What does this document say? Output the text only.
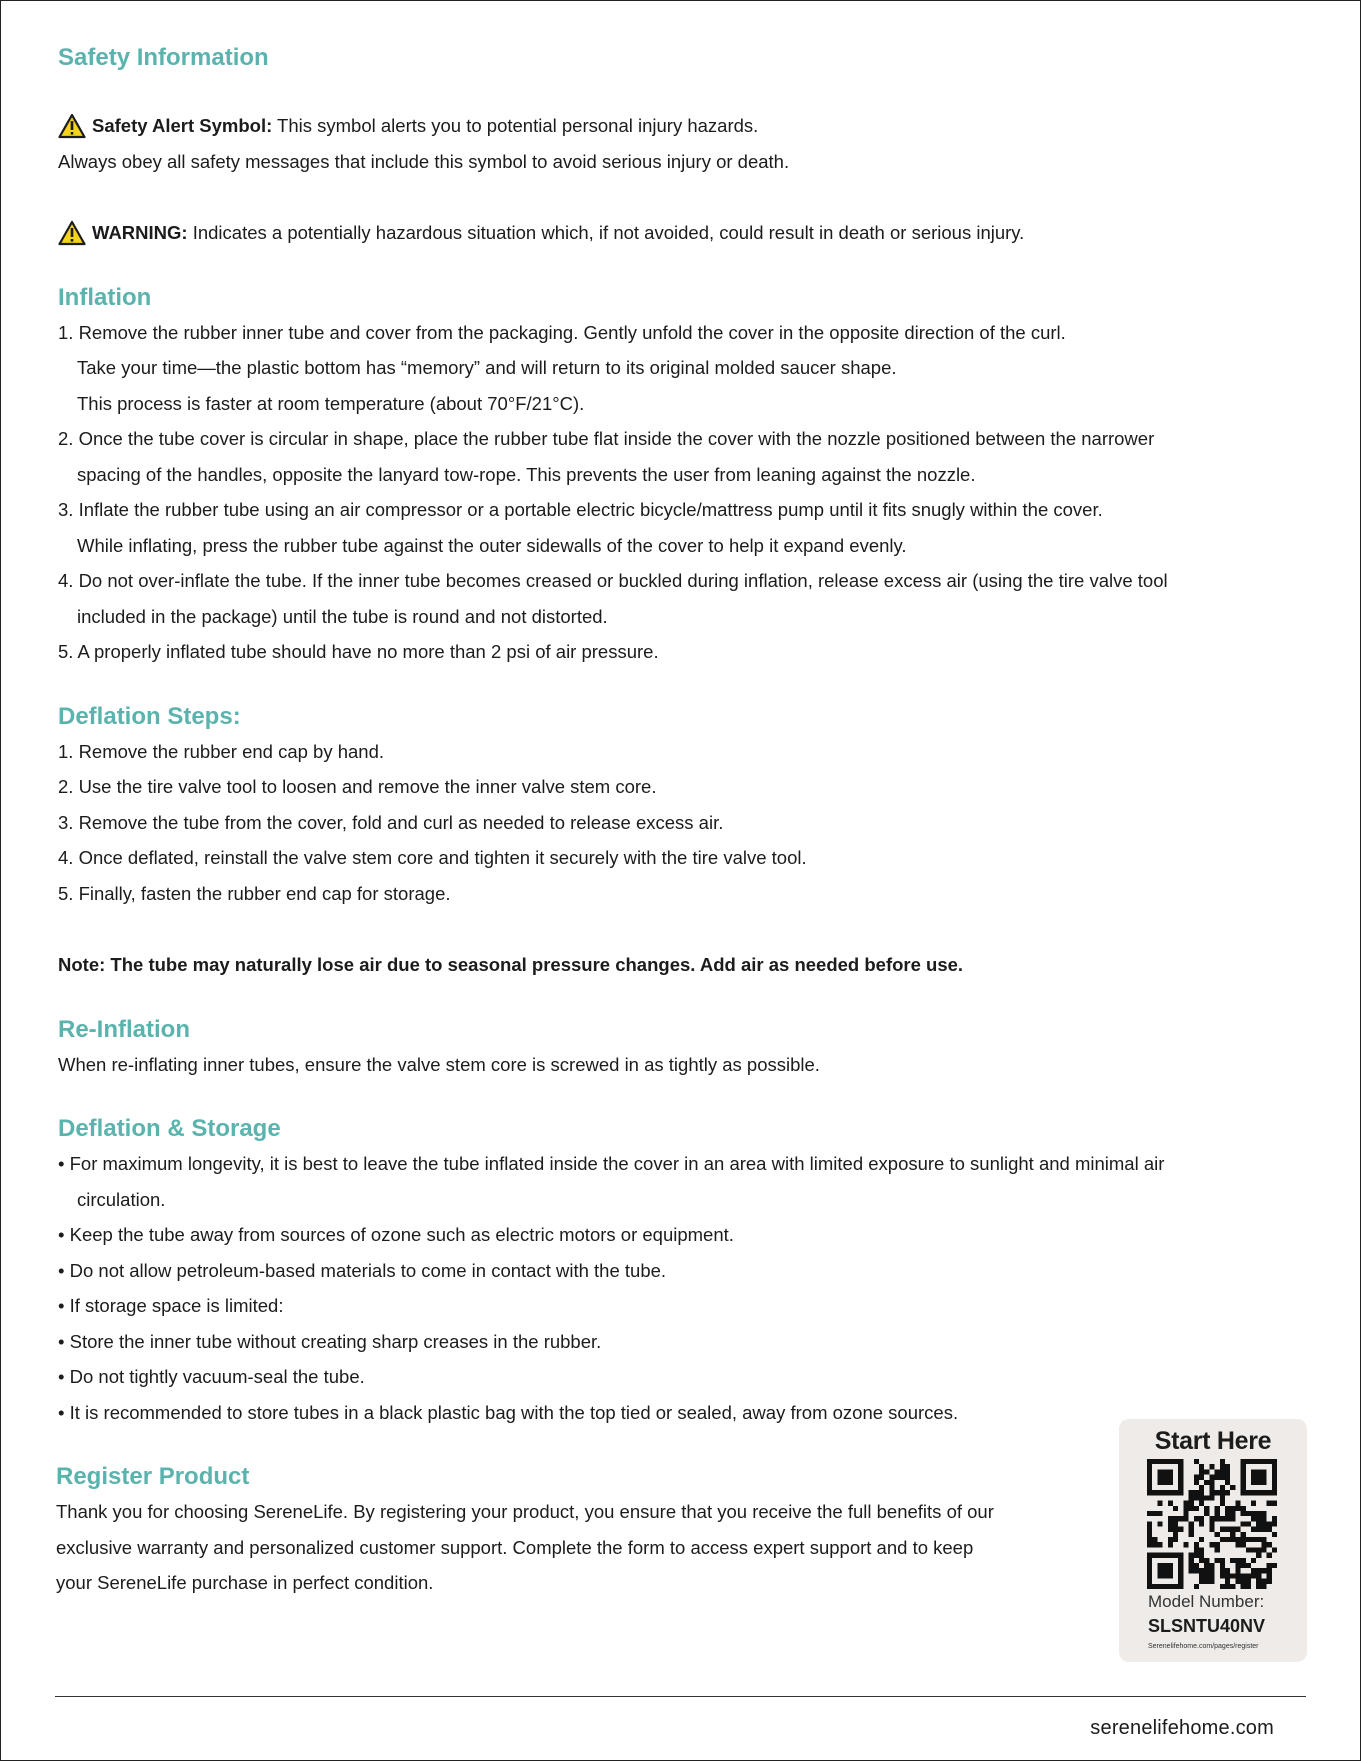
Safety Information
Safety Alert Symbol: This symbol alerts you to potential personal injury hazards.
Always obey all safety messages that include this symbol to avoid serious injury or death.
WARNING: Indicates a potentially hazardous situation which, if not avoided, could result in death or serious injury.
Inflation
1. Remove the rubber inner tube and cover from the packaging. Gently unfold the cover in the opposite direction of the curl.
Take your time—the plastic bottom has “memory” and will return to its original molded saucer shape.
This process is faster at room temperature (about 70°F/21°C).
2. Once the tube cover is circular in shape, place the rubber tube flat inside the cover with the nozzle positioned between the narrower
spacing of the handles, opposite the lanyard tow-rope. This prevents the user from leaning against the nozzle.
3. Inflate the rubber tube using an air compressor or a portable electric bicycle/mattress pump until it fits snugly within the cover.
While inflating, press the rubber tube against the outer sidewalls of the cover to help it expand evenly.
4. Do not over-inflate the tube. If the inner tube becomes creased or buckled during inflation, release excess air (using the tire valve tool
included in the package) until the tube is round and not distorted.
5. A properly inflated tube should have no more than 2 psi of air pressure.
Deflation Steps:
1. Remove the rubber end cap by hand.
2. Use the tire valve tool to loosen and remove the inner valve stem core.
3. Remove the tube from the cover, fold and curl as needed to release excess air.
4. Once deflated, reinstall the valve stem core and tighten it securely with the tire valve tool.
5. Finally, fasten the rubber end cap for storage.
Note: The tube may naturally lose air due to seasonal pressure changes. Add air as needed before use.
Re-Inflation
When re-inflating inner tubes, ensure the valve stem core is screwed in as tightly as possible.
Deflation & Storage
• For maximum longevity, it is best to leave the tube inflated inside the cover in an area with limited exposure to sunlight and minimal air
circulation.
• Keep the tube away from sources of ozone such as electric motors or equipment.
• Do not allow petroleum-based materials to come in contact with the tube.
• If storage space is limited:
• Store the inner tube without creating sharp creases in the rubber.
• Do not tightly vacuum-seal the tube.
• It is recommended to store tubes in a black plastic bag with the top tied or sealed, away from ozone sources.
Register Product
Thank you for choosing SereneLife. By registering your product, you ensure that you receive the full benefits of our
exclusive warranty and personalized customer support. Complete the form to access expert support and to keep
your SereneLife purchase in perfect condition.
Start Here
Model Number:
SLSNTU40NV
Serenelifehome.com/pages/register
serenelifehome.com
